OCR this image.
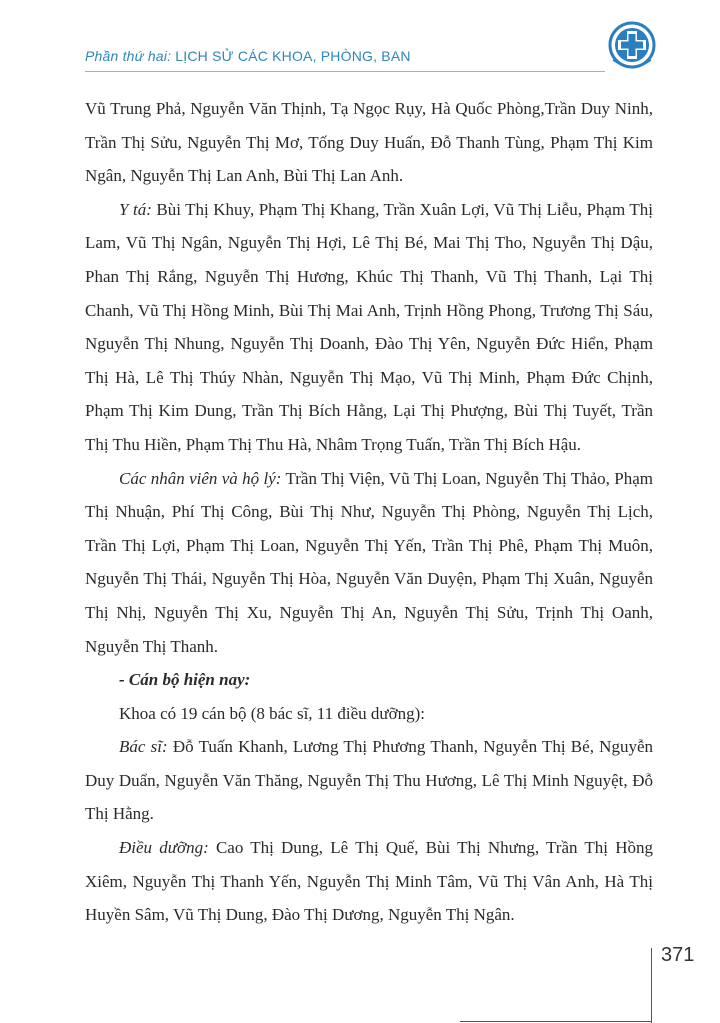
Phần thứ hai: LỊCH SỬ CÁC KHOA, PHÒNG, BAN

Vũ Trung Phả, Nguyễn Văn Thịnh, Tạ Ngọc Rụy, Hà Quốc Phòng,Trần Duy Ninh, Trần Thị Sửu, Nguyễn Thị Mơ, Tống Duy Huấn, Đỗ Thanh Tùng, Phạm Thị Kim Ngân, Nguyễn Thị Lan Anh, Bùi Thị Lan Anh.

Y tá: Bùi Thị Khuy, Phạm Thị Khang, Trần Xuân Lợi, Vũ Thị Liễu, Phạm Thị Lam, Vũ Thị Ngân, Nguyễn Thị Hợi, Lê Thị Bé, Mai Thị Tho, Nguyễn Thị Dậu, Phan Thị Rắng, Nguyễn Thị Hương, Khúc Thị Thanh, Vũ Thị Thanh, Lại Thị Chanh, Vũ Thị Hồng Minh, Bùi Thị Mai Anh, Trịnh Hồng Phong, Trương Thị Sáu, Nguyễn Thị Nhung, Nguyễn Thị Doanh, Đào Thị Yên, Nguyễn Đức Hiển, Phạm Thị Hà, Lê Thị Thúy Nhàn, Nguyễn Thị Mạo, Vũ Thị Minh, Phạm Đức Chịnh, Phạm Thị Kim Dung, Trần Thị Bích Hằng, Lại Thị Phượng, Bùi Thị Tuyết, Trần Thị Thu Hiền, Phạm Thị Thu Hà, Nhâm Trọng Tuấn, Trần Thị Bích Hậu.

Các nhân viên và hộ lý: Trần Thị Viện, Vũ Thị Loan, Nguyễn Thị Thảo, Phạm Thị Nhuận, Phí Thị Công, Bùi Thị Như, Nguyễn Thị Phòng, Nguyễn Thị Lịch, Trần Thị Lợi, Phạm Thị Loan, Nguyễn Thị Yến, Trần Thị Phê, Phạm Thị Muôn, Nguyễn Thị Thái, Nguyễn Thị Hòa, Nguyễn Văn Duyện, Phạm Thị Xuân, Nguyễn Thị Nhị, Nguyễn Thị Xu, Nguyễn Thị An, Nguyễn Thị Sửu, Trịnh Thị Oanh, Nguyễn Thị Thanh.

- Cán bộ hiện nay:

Khoa có 19 cán bộ (8 bác sĩ, 11 điều dưỡng):

Bác sĩ: Đỗ Tuấn Khanh, Lương Thị Phương Thanh, Nguyễn Thị Bé, Nguyễn Duy Duẩn, Nguyễn Văn Thăng, Nguyễn Thị Thu Hương, Lê Thị Minh Nguyệt, Đỗ Thị Hằng.

Điều dưỡng: Cao Thị Dung, Lê Thị Quế, Bùi Thị Nhưng, Trần Thị Hồng Xiêm, Nguyễn Thị Thanh Yến, Nguyễn Thị Minh Tâm, Vũ Thị Vân Anh, Hà Thị Huyền Sâm, Vũ Thị Dung, Đào Thị Dương, Nguyễn Thị Ngân.

371
